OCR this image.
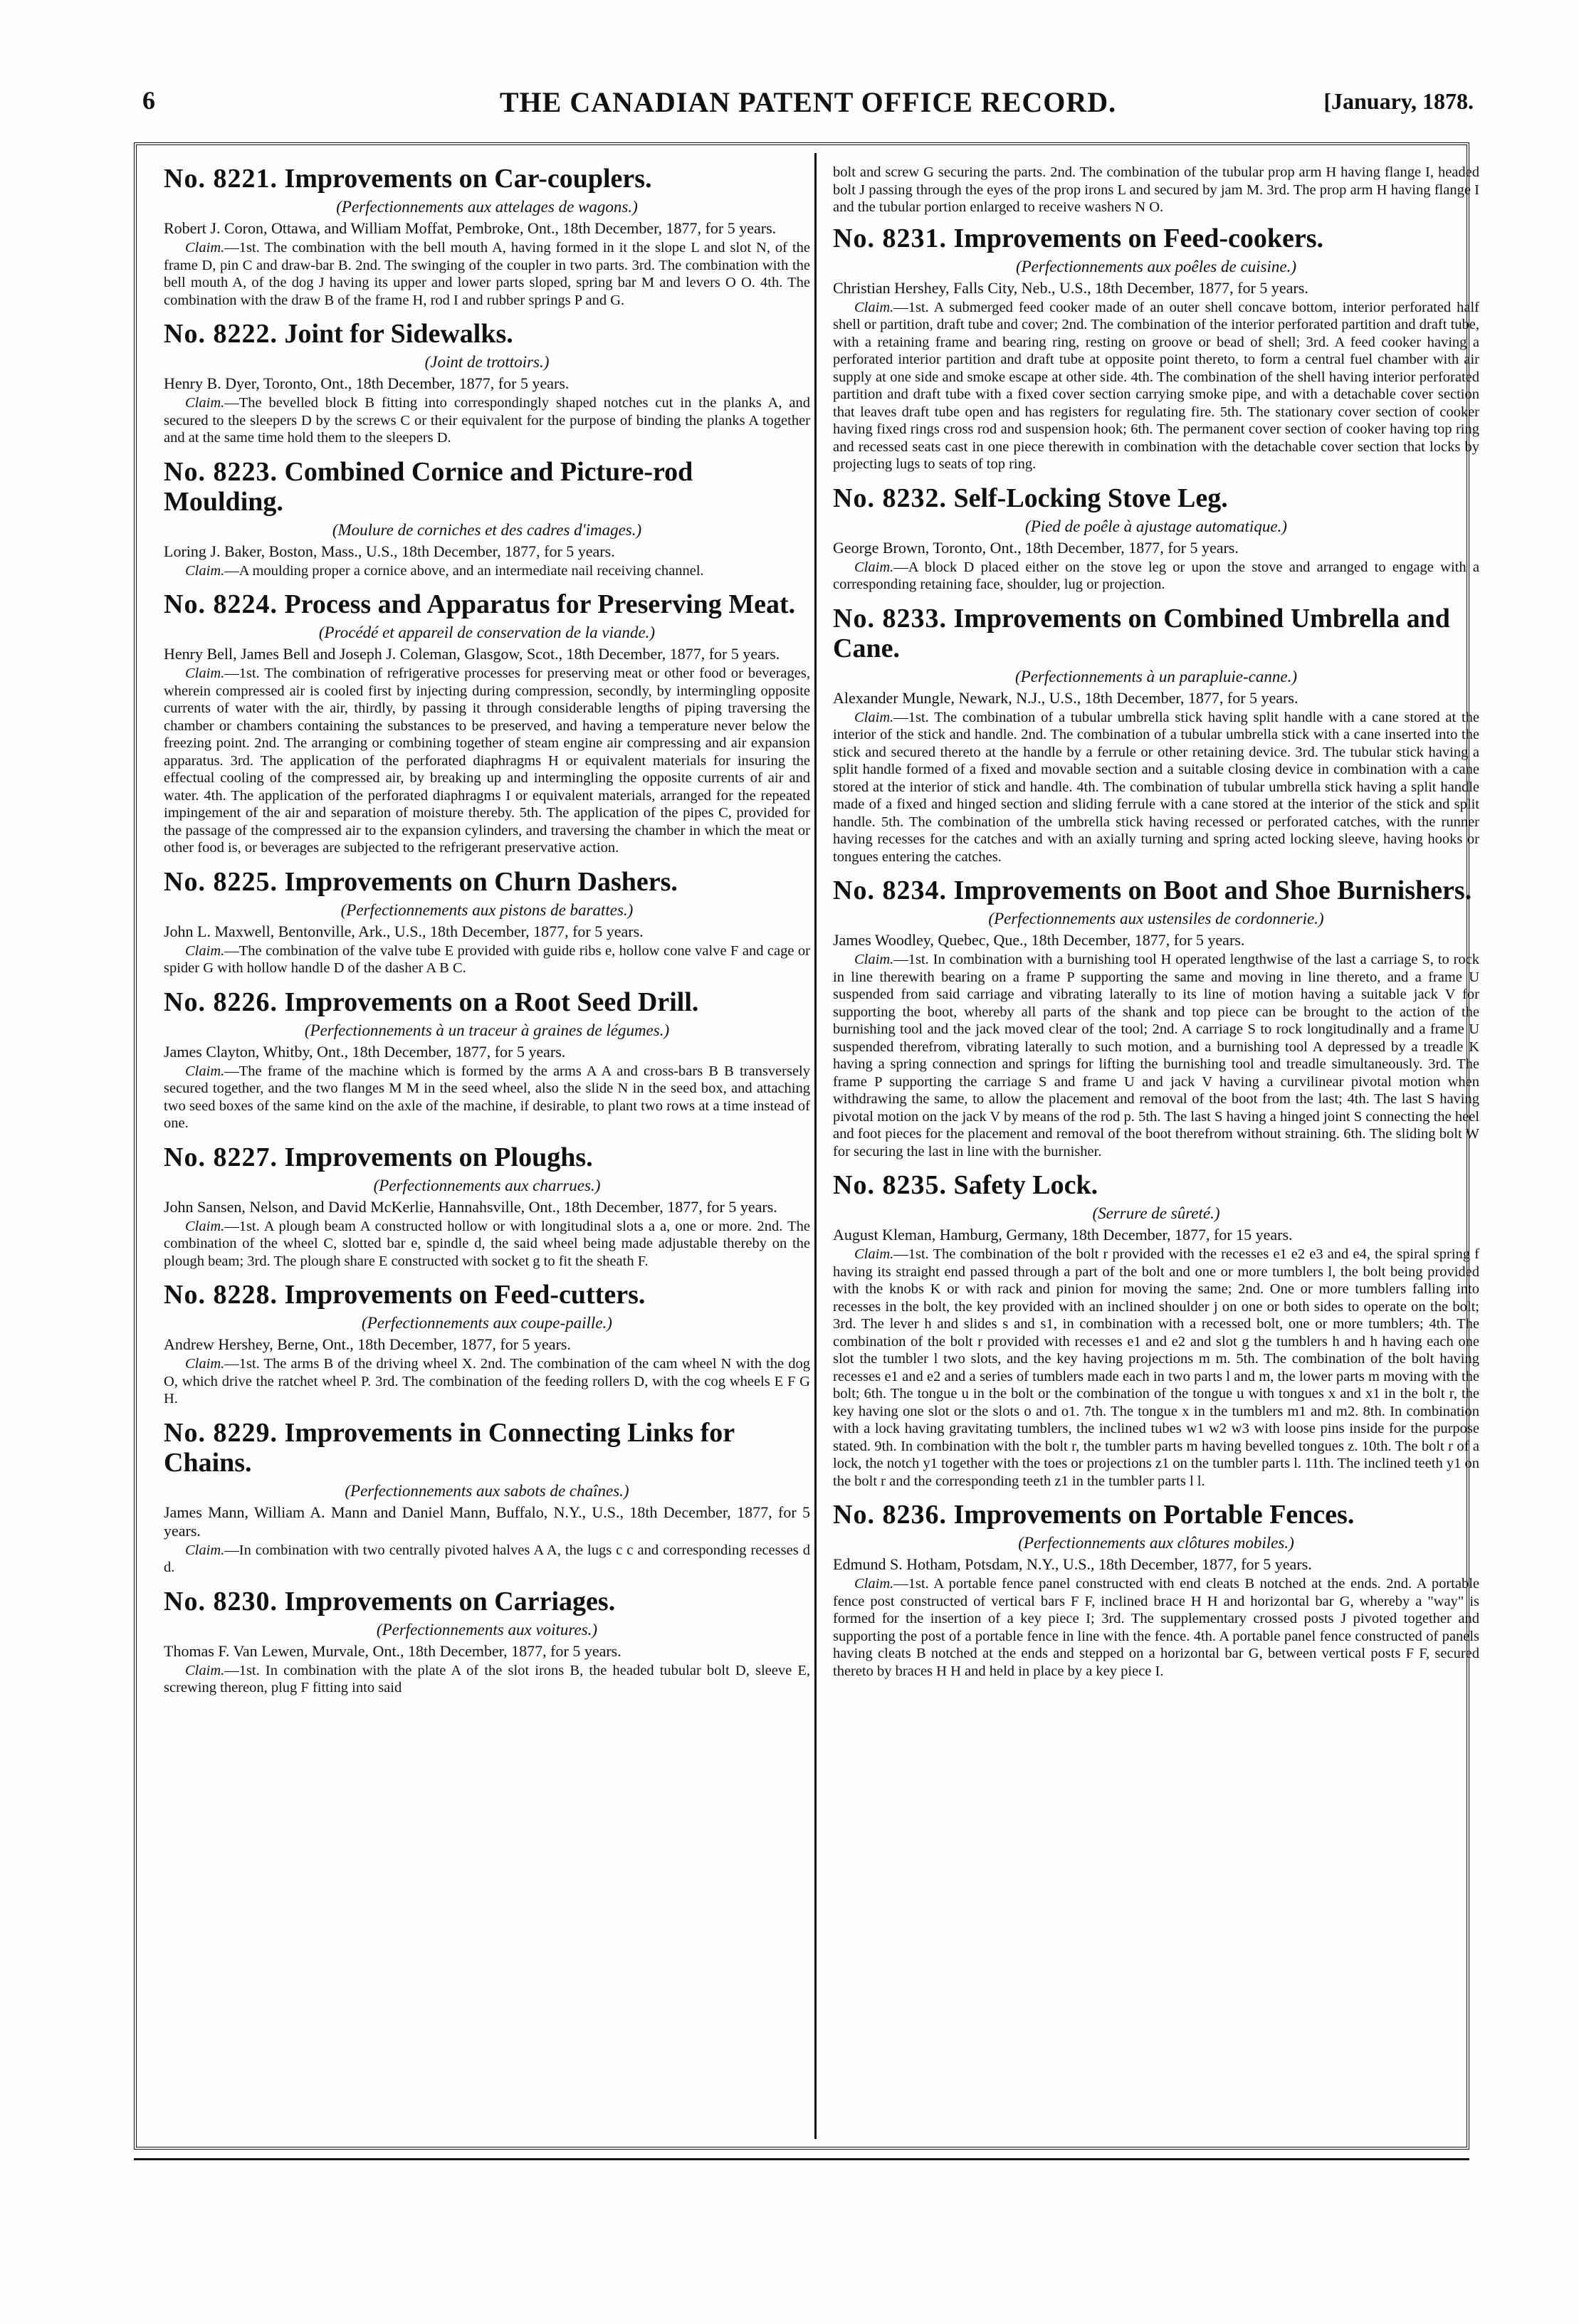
6	THE CANADIAN PATENT OFFICE RECORD.	[January, 1878.
No. 8221. Improvements on Car-couplers.
(Perfectionnements aux attelages de wagons.)

Robert J. Coron, Ottawa, and William Moffat, Pembroke, Ont., 18th December, 1877, for 5 years.

Claim.—1st. The combination with the bell mouth A, having formed in it the slope L and slot N, of the frame D, pin C and draw-bar B. 2nd. The swinging of the coupler in two parts. 3rd. The combination with the bell mouth A, of the dog J having its upper and lower parts sloped, spring bar M and levers O O. 4th. The combination with the draw B of the frame H, rod I and rubber springs P and G.

No. 8222. Joint for Sidewalks.
(Joint de trottoirs.)

Henry B. Dyer, Toronto, Ont., 18th December, 1877, for 5 years.

Claim.—The bevelled block B fitting into correspondingly shaped notches cut in the planks A, and secured to the sleepers D by the screws C or their equivalent for the purpose of binding the planks A together and at the same time hold them to the sleepers D.

No. 8223. Combined Cornice and Picture-rod Moulding.
(Moulure de corniches et des cadres d'images.)

Loring J. Baker, Boston, Mass., U.S., 18th December, 1877, for 5 years.

Claim.—A moulding proper a cornice above, and an intermediate nail receiving channel.

No. 8224. Process and Apparatus for Preserving Meat.
(Procédé et appareil de conservation de la viande.)

Henry Bell, James Bell and Joseph J. Coleman, Glasgow, Scot., 18th December, 1877, for 5 years.

Claim.—1st. The combination of refrigerative processes for preserving meat or other food or beverages, wherein compressed air is cooled first by injecting during compression, secondly, by intermingling opposite currents of water with the air, thirdly, by passing it through considerable lengths of piping traversing the chamber or chambers containing the substances to be preserved, and having a temperature never below the freezing point. 2nd. The arranging or combining together of steam engine air compressing and air expansion apparatus. 3rd. The application of the perforated diaphragms H or equivalent materials for insuring the effectual cooling of the compressed air, by breaking up and intermingling the opposite currents of air and water. 4th. The application of the perforated diaphragms I or equivalent materials, arranged for the repeated impingement of the air and separation of moisture thereby. 5th. The application of the pipes C, provided for the passage of the compressed air to the expansion cylinders, and traversing the chamber in which the meat or other food is, or beverages are subjected to the refrigerant preservative action.

No. 8225. Improvements on Churn Dashers.
(Perfectionnements aux pistons de barattes.)

John L. Maxwell, Bentonville, Ark., U.S., 18th December, 1877, for 5 years.

Claim.—The combination of the valve tube E provided with guide ribs e, hollow cone valve F and cage or spider G with hollow handle D of the dasher A B C.

No. 8226. Improvements on a Root Seed Drill.
(Perfectionnements à un traceur à graines de légumes.)

James Clayton, Whitby, Ont., 18th December, 1877, for 5 years.

Claim.—The frame of the machine which is formed by the arms A A and cross-bars B B transversely secured together, and the two flanges M M in the seed wheel, also the slide N in the seed box, and attaching two seed boxes of the same kind on the axle of the machine, if desirable, to plant two rows at a time instead of one.

No. 8227. Improvements on Ploughs.
(Perfectionnements aux charrues.)

John Sansen, Nelson, and David McKerlie, Hannahsville, Ont., 18th December, 1877, for 5 years.

Claim.—1st. A plough beam A constructed hollow or with longitudinal slots a a, one or more. 2nd. The combination of the wheel C, slotted bar e, spindle d, the said wheel being made adjustable thereby on the plough beam; 3rd. The plough share E constructed with socket g to fit the sheath F.

No. 8228. Improvements on Feed-cutters.
(Perfectionnements aux coupe-paille.)

Andrew Hershey, Berne, Ont., 18th December, 1877, for 5 years.

Claim.—1st. The arms B of the driving wheel X. 2nd. The combination of the cam wheel N with the dog O, which drive the ratchet wheel P. 3rd. The combination of the feeding rollers D, with the cog wheels E F G H.

No. 8229. Improvements in Connecting Links for Chains.
(Perfectionnements aux sabots de chaînes.)

James Mann, William A. Mann and Daniel Mann, Buffalo, N.Y., U.S., 18th December, 1877, for 5 years.

Claim.—In combination with two centrally pivoted halves A A, the lugs c c and corresponding recesses d d.

No. 8230. Improvements on Carriages.
(Perfectionnements aux voitures.)

Thomas F. Van Lewen, Murvale, Ont., 18th December, 1877, for 5 years.

Claim.—1st. In combination with the plate A of the slot irons B, the headed tubular bolt D, sleeve E, screwing thereon, plug F fitting into said

bolt and screw G securing the parts. 2nd. The combination of the tubular prop arm H having flange I, headed bolt J passing through the eyes of the prop irons L and secured by jam M. 3rd. The prop arm H having flange I and the tubular portion enlarged to receive washers N O.

No. 8231. Improvements on Feed-cookers.
(Perfectionnements aux poêles de cuisine.)

Christian Hershey, Falls City, Neb., U.S., 18th December, 1877, for 5 years.

Claim.—1st. A submerged feed cooker made of an outer shell concave bottom, interior perforated half shell or partition, draft tube and cover; 2nd. The combination of the interior perforated partition and draft tube, with a retaining frame and bearing ring, resting on groove or bead of shell; 3rd. A feed cooker having a perforated interior partition and draft tube at opposite point thereto, to form a central fuel chamber with air supply at one side and smoke escape at other side. 4th. The combination of the shell having interior perforated partition and draft tube with a fixed cover section carrying smoke pipe, and with a detachable cover section that leaves draft tube open and has registers for regulating fire. 5th. The stationary cover section of cooker having fixed rings cross rod and suspension hook; 6th. The permanent cover section of cooker having top ring and recessed seats cast in one piece therewith in combination with the detachable cover section that locks by projecting lugs to seats of top ring.

No. 8232. Self-Locking Stove Leg.
(Pied de poêle à ajustage automatique.)

George Brown, Toronto, Ont., 18th December, 1877, for 5 years.

Claim.—A block D placed either on the stove leg or upon the stove and arranged to engage with a corresponding retaining face, shoulder, lug or projection.

No. 8233. Improvements on Combined Umbrella and Cane.
(Perfectionnements à un parapluie-canne.)

Alexander Mungle, Newark, N.J., U.S., 18th December, 1877, for 5 years.

Claim.—1st. The combination of a tubular umbrella stick having split handle with a cane stored at the interior of the stick and handle. 2nd. The combination of a tubular umbrella stick with a cane inserted into the stick and secured thereto at the handle by a ferrule or other retaining device. 3rd. The tubular stick having a split handle formed of a fixed and movable section and a suitable closing device in combination with a cane stored at the interior of stick and handle. 4th. The combination of tubular umbrella stick having a split handle made of a fixed and hinged section and sliding ferrule with a cane stored at the interior of the stick and split handle. 5th. The combination of the umbrella stick having recessed or perforated catches, with the runner having recesses for the catches and with an axially turning and spring acted locking sleeve, having hooks or tongues entering the catches.

No. 8234. Improvements on Boot and Shoe Burnishers.
(Perfectionnements aux ustensiles de cordonnerie.)

James Woodley, Quebec, Que., 18th December, 1877, for 5 years.

Claim.—1st. In combination with a burnishing tool H operated lengthwise of the last a carriage S, to rock in line therewith bearing on a frame P supporting the same and moving in line thereto, and a frame U suspended from said carriage and vibrating laterally to its line of motion having a suitable jack V for supporting the boot, whereby all parts of the shank and top piece can be brought to the action of the burnishing tool and the jack moved clear of the tool; 2nd. A carriage S to rock longitudinally and a frame U suspended therefrom, vibrating laterally to such motion, and a burnishing tool A depressed by a treadle K having a spring connection and springs for lifting the burnishing tool and treadle simultaneously. 3rd. The frame P supporting the carriage S and frame U and jack V having a curvilinear pivotal motion when withdrawing the same, to allow the placement and removal of the boot from the last; 4th. The last S having pivotal motion on the jack V by means of the rod p. 5th. The last S having a hinged joint S connecting the heel and foot pieces for the placement and removal of the boot therefrom without straining. 6th. The sliding bolt W for securing the last in line with the burnisher.

No. 8235. Safety Lock.
(Serrure de sûreté.)

August Kleman, Hamburg, Germany, 18th December, 1877, for 15 years.

Claim.—1st. The combination of the bolt r provided with the recesses e1 e2 e3 and e4, the spiral spring f having its straight end passed through a part of the bolt and one or more tumblers l, the bolt being provided with the knobs K or with rack and pinion for moving the same; 2nd. One or more tumblers falling into recesses in the bolt, the key provided with an inclined shoulder j on one or both sides to operate on the bolt; 3rd. The lever h and slides s and s1, in combination with a recessed bolt, one or more tumblers; 4th. The combination of the bolt r provided with recesses e1 and e2 and slot g the tumblers h and h having each one slot the tumbler l two slots, and the key having projections m m. 5th. The combination of the bolt having recesses e1 and e2 and a series of tumblers made each in two parts l and m, the lower parts m moving with the bolt; 6th. The tongue u in the bolt or the combination of the tongue u with tongues x and x1 in the bolt r, the key having one slot or the slots o and o1. 7th. The tongue x in the tumblers m1 and m2. 8th. In combination with a lock having gravitating tumblers, the inclined tubes w1 w2 w3 with loose pins inside for the purpose stated. 9th. In combination with the bolt r, the tumbler parts m having bevelled tongues z. 10th. The bolt r of a lock, the notch y1 together with the toes or projections z1 on the tumbler parts l. 11th. The inclined teeth y1 on the bolt r and the corresponding teeth z1 in the tumbler parts l l.

No. 8236. Improvements on Portable Fences.
(Perfectionnements aux clôtures mobiles.)

Edmund S. Hotham, Potsdam, N.Y., U.S., 18th December, 1877, for 5 years.

Claim.—1st. A portable fence panel constructed with end cleats B notched at the ends. 2nd. A portable fence post constructed of vertical bars F F, inclined brace H H and horizontal bar G, whereby a "way" is formed for the insertion of a key piece I; 3rd. The supplementary crossed posts J pivoted together and supporting the post of a portable fence in line with the fence. 4th. A portable panel fence constructed of panels having cleats B notched at the ends and stepped on a horizontal bar G, between vertical posts F F, secured thereto by braces H H and held in place by a key piece I.
